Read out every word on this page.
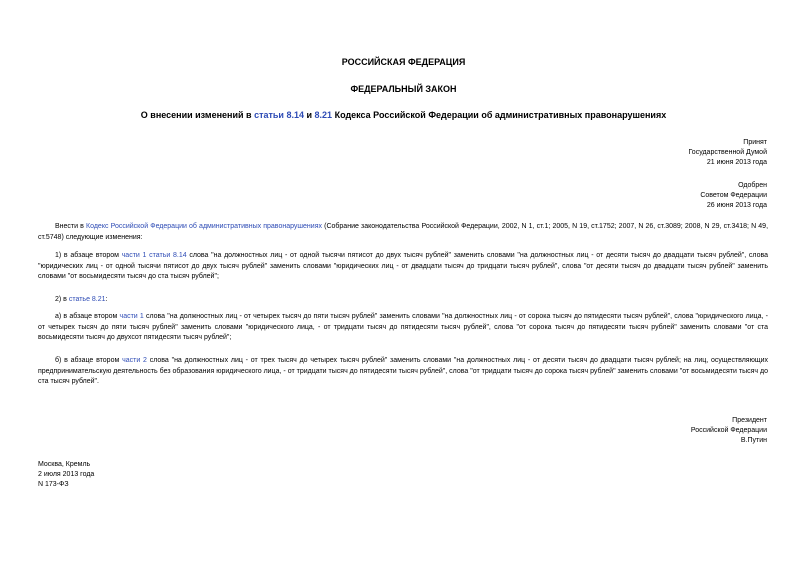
РОССИЙСКАЯ ФЕДЕРАЦИЯ
ФЕДЕРАЛЬНЫЙ ЗАКОН
О внесении изменений в статьи 8.14 и 8.21 Кодекса Российской Федерации об административных правонарушениях
Принят
Государственной Думой
21 июня 2013 года
Одобрен
Советом Федерации
26 июня 2013 года
Внести в Кодекс Российской Федерации об административных правонарушениях (Собрание законодательства Российской Федерации, 2002, N 1, ст.1; 2005, N 19, ст.1752; 2007, N 26, ст.3089; 2008, N 29, ст.3418; N 49, ст.5748) следующие изменения:
1) в абзаце втором части 1 статьи 8.14 слова "на должностных лиц - от одной тысячи пятисот до двух тысяч рублей" заменить словами "на должностных лиц - от десяти тысяч до двадцати тысяч рублей", слова "юридических лиц - от одной тысячи пятисот до двух тысяч рублей" заменить словами "юридических лиц - от двадцати тысяч до тридцати тысяч рублей", слова "от десяти тысяч до двадцати тысяч рублей" заменить словами "от восьмидесяти тысяч до ста тысяч рублей";
2) в статье 8.21:
а) в абзаце втором части 1 слова "на должностных лиц - от четырех тысяч до пяти тысяч рублей" заменить словами "на должностных лиц - от сорока тысяч до пятидесяти тысяч рублей", слова "юридического лица, - от четырех тысяч до пяти тысяч рублей" заменить словами "юридического лица, - от тридцати тысяч до пятидесяти тысяч рублей", слова "от сорока тысяч до пятидесяти тысяч рублей" заменить словами "от ста восьмидесяти тысяч до двухсот пятидесяти тысяч рублей";
б) в абзаце втором части 2 слова "на должностных лиц - от трех тысяч до четырех тысяч рублей" заменить словами "на должностных лиц - от десяти тысяч до двадцати тысяч рублей; на лиц, осуществляющих предпринимательскую деятельность без образования юридического лица, - от тридцати тысяч до пятидесяти тысяч рублей", слова "от тридцати тысяч до сорока тысяч рублей" заменить словами "от восьмидесяти тысяч до ста тысяч рублей".
Президент
Российской Федерации
В.Путин
Москва, Кремль
2 июля 2013 года
N 173-ФЗ
